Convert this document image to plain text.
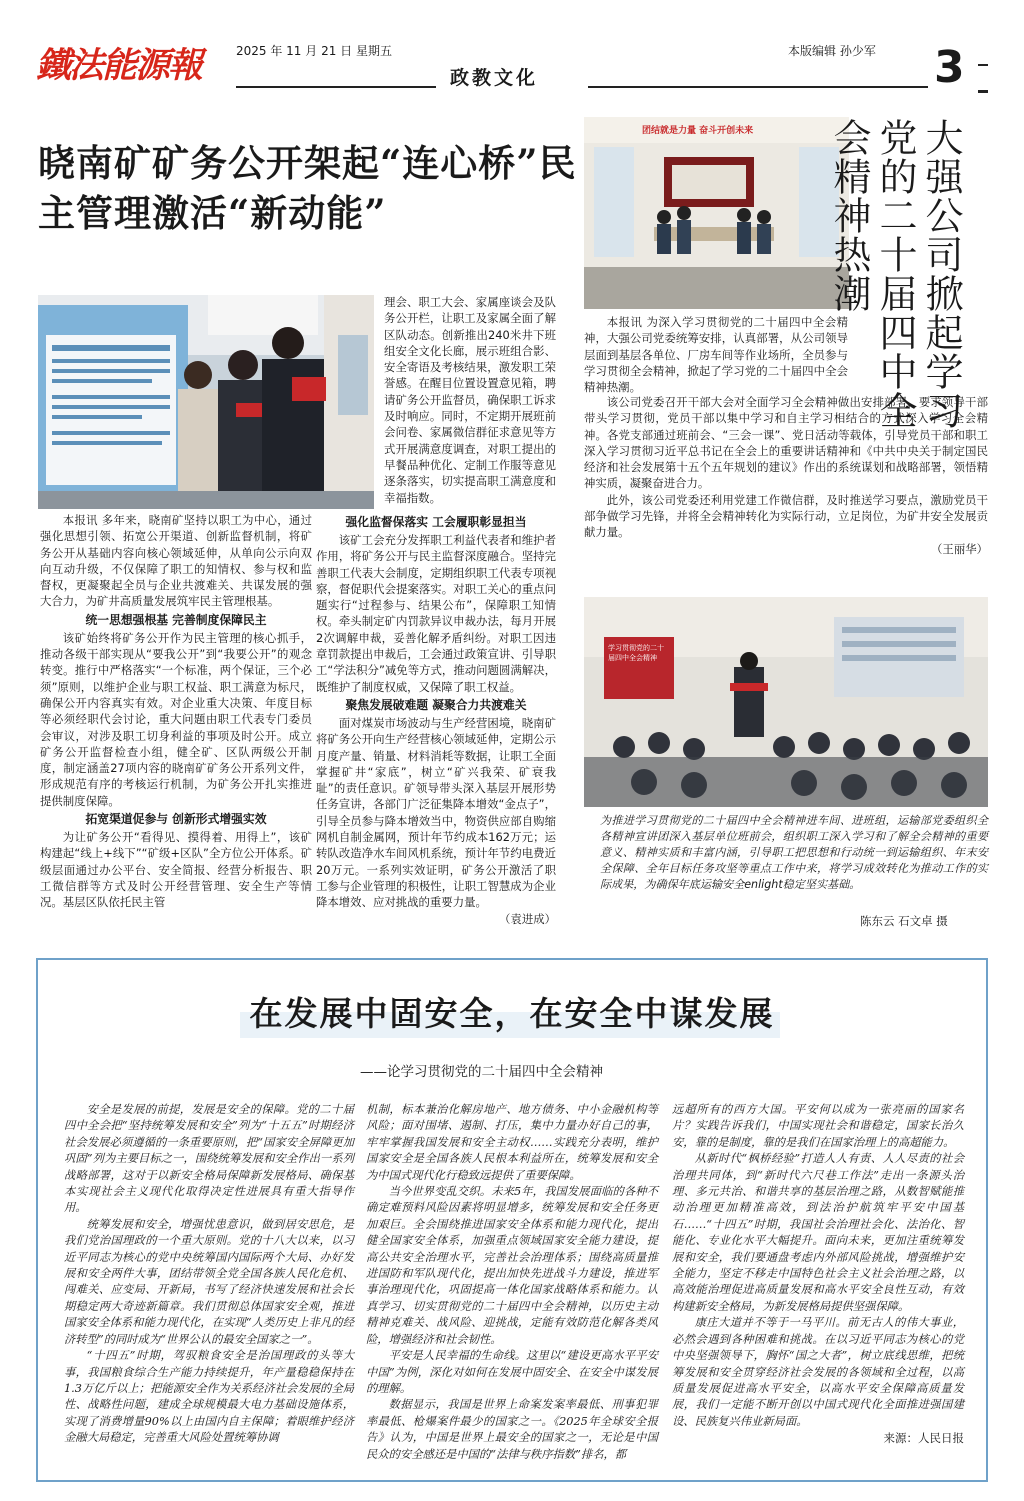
鐵法能源報	2025 年 11 月 21 日 星期五	本版编辑 孙少军 3
政教文化
晓南矿矿务公开架起“连心桥”民主管理激活“新动能”

理会、职工大会、家属座谈会及队务公开栏，让职工及家属全面了解区队动态。创新推出240米井下班组安全文化长廊，展示班组合影、安全寄语及考核结果，激发职工荣誉感。在醒目位置设置意见箱，聘请矿务公开监督员，确保职工诉求及时响应。同时，不定期开展班前会问卷、家属微信群征求意见等方式开展满意度调查，对职工提出的早餐品种优化、定制工作服等意见逐条落实，切实提高职工满意度和幸福指数。

本报讯 多年来，晓南矿坚持以职工为中心，通过强化思想引领、拓宽公开渠道、创新监督机制，将矿务公开从基础内容向核心领域延伸，从单向公示向双向互动升级，不仅保障了职工的知情权、参与权和监督权，更凝聚起全员与企业共渡难关、共谋发展的强大合力，为矿井高质量发展筑牢民主管理根基。

统一思想强根基 完善制度保障民主

该矿始终将矿务公开作为民主管理的核心抓手，推动各级干部实现从“要我公开”到“我要公开”的观念转变。推行中严格落实“一个标准，两个保证，三个必须”原则，以维护企业与职工权益、职工满意为标尺，确保公开内容真实有效。对企业重大决策、年度目标等必须经职代会讨论，重大问题由职工代表专门委员会审议，对涉及职工切身利益的事项及时公开。成立矿务公开监督检查小组，健全矿、区队两级公开制度，制定涵盖27项内容的晓南矿矿务公开系列文件，形成规范有序的考核运行机制，为矿务公开扎实推进提供制度保障。

拓宽渠道促参与 创新形式增强实效

为让矿务公开“看得见、摸得着、用得上”，该矿构建起“线上+线下”“矿级+区队”全方位公开体系。矿级层面通过办公平台、安全简报、经营分析报告、职工微信群等方式及时公开经营管理、安全生产等情况。基层区队依托民主管

强化监督保落实 工会履职彰显担当

该矿工会充分发挥职工利益代表者和维护者作用，将矿务公开与民主监督深度融合。坚持完善职工代表大会制度，定期组织职工代表专项视察，督促职代会提案落实。对职工关心的重点问题实行“过程参与、结果公布”，保障职工知情权。牵头制定矿内罚款异议申裁办法，每月开展2次调解申裁，妥善化解矛盾纠纷。对职工因违章罚款提出申裁后，工会通过政策宣讲、引导职工“学法积分”减免等方式，推动问题圆满解决，既维护了制度权威，又保障了职工权益。

聚焦发展破难题 凝聚合力共渡难关

面对煤炭市场波动与生产经营困境，晓南矿将矿务公开向生产经营核心领域延伸，定期公示月度产量、销量、材料消耗等数据，让职工全面掌握矿井“家底”，树立“矿兴我荣、矿衰我耻”的责任意识。矿领导带头深入基层开展形势任务宣讲，各部门广泛征集降本增效“金点子”，引导全员参与降本增效当中，物资供应部自购缩网机自制金属网，预计年节约成本162万元；运转队改造净水车间风机系统，预计年节约电费近20万元。一系列实效证明，矿务公开激活了职工参与企业管理的积极性，让职工智慧成为企业降本增效、应对挑战的重要力量。

（袁进成）
团结就是力量 奋斗开创未来	大强公司掀起学习党的二十届四中全会精神热潮

本报讯 为深入学习贯彻党的二十届四中全会精神，大强公司党委统筹安排，认真部署，从公司领导层面到基层各单位、厂房车间等作业场所，全员参与学习贯彻全会精神，掀起了学习党的二十届四中全会精神热潮。

该公司党委召开干部大会对全面学习全会精神做出安排部署，要求领导干部带头学习贯彻，党员干部以集中学习和自主学习相结合的方式深入学习全会精神。各党支部通过班前会、“三会一课”、党日活动等载体，引导党员干部和职工深入学习贯彻习近平总书记在全会上的重要讲话精神和《中共中央关于制定国民经济和社会发展第十五个五年规划的建议》作出的系统谋划和战略部署，领悟精神实质，凝聚奋进合力。

此外，该公司党委还利用党建工作微信群，及时推送学习要点，激励党员干部争做学习先锋，并将全会精神转化为实际行动，立足岗位，为矿井安全发展贡献力量。

（王丽华）
学习贯彻党的二十届四中全会精神
为推进学习贯彻党的二十届四中全会精神进车间、进班组，运输部党委组织全各精神宣讲团深入基层单位班前会，组织职工深入学习和了解全会精神的重要意义、精神实质和丰富内涵，引导职工把思想和行动统一到运输组织、年末安全保障、全年目标任务攻坚等重点工作中来，将学习成效转化为推动工作的实际成果，为确保年底运输安全enlight稳定坚实基础。
陈东云 石文卓 摄
在发展中固安全，在安全中谋发展
——论学习贯彻党的二十届四中全会精神

安全是发展的前提，发展是安全的保障。党的二十届四中全会把“坚持统筹发展和安全”列为“十五五”时期经济社会发展必须遵循的一条重要原则，把“国家安全屏障更加巩固”列为主要目标之一，围绕统筹发展和安全作出一系列战略部署，这对于以新安全格局保障新发展格局、确保基本实现社会主义现代化取得决定性进展具有重大指导作用。

统筹发展和安全，增强忧患意识，做到居安思危，是我们党治国理政的一个重大原则。党的十八大以来，以习近平同志为核心的党中央统筹国内国际两个大局、办好发展和安全两件大事，团结带领全党全国各族人民化危机、闯难关、应变局、开新局，书写了经济快速发展和社会长期稳定两大奇迹新篇章。我们贯彻总体国家安全观，推进国家安全体系和能力现代化，在实现“人类历史上非凡的经济转型”的同时成为“世界公认的最安全国家之一”。

“十四五”时期，驾驭粮食安全是治国理政的头等大事，我国粮食综合生产能力持续提升，年产量稳稳保持在1.3万亿斤以上；把能源安全作为关系经济社会发展的全局性、战略性问题，建成全球规模最大电力基础设施体系，实现了消费增量90%以上由国内自主保障；着眼维护经济金融大局稳定，完善重大风险处置统筹协调

机制，标本兼治化解房地产、地方债务、中小金融机构等风险；面对围堵、遏制、打压，集中力量办好自己的事，牢牢掌握我国发展和安全主动权……实践充分表明，维护国家安全是全国各族人民根本利益所在，统筹发展和安全为中国式现代化行稳致远提供了重要保障。

当今世界变乱交织。未来5年，我国发展面临的各种不确定难预料风险因素将明显增多，统筹发展和安全任务更加艰巨。全会围绕推进国家安全体系和能力现代化，提出健全国家安全体系，加强重点领域国家安全能力建设，提高公共安全治理水平，完善社会治理体系；围绕高质量推进国防和军队现代化，提出加快先进战斗力建设，推进军事治理现代化，巩固提高一体化国家战略体系和能力。认真学习、切实贯彻党的二十届四中全会精神，以历史主动精神克难关、战风险、迎挑战，定能有效防范化解各类风险，增强经济和社会韧性。

平安是人民幸福的生命线。这里以“建设更高水平平安中国”为例，深化对如何在发展中固安全、在安全中谋发展的理解。

数据显示，我国是世界上命案发案率最低、刑事犯罪率最低、枪爆案件最少的国家之一。《2025年全球安全报告》认为，中国是世界上最安全的国家之一，无论是中国民众的安全感还是中国的“法律与秩序指数”排名，都

远超所有的西方大国。平安何以成为一张亮丽的国家名片？实践告诉我们，中国实现社会和谐稳定，国家长治久安，靠的是制度，靠的是我们在国家治理上的高超能力。

从新时代“枫桥经验”打造人人有责、人人尽责的社会治理共同体，到“新时代六尺巷工作法”走出一条源头治理、多元共治、和谐共享的基层治理之路，从数智赋能推动治理更加精准高效，到法治护航筑牢平安中国基石……“十四五”时期，我国社会治理社会化、法治化、智能化、专业化水平大幅提升。面向未来，更加注重统筹发展和安全，我们要通盘考虑内外部风险挑战，增强维护安全能力，坚定不移走中国特色社会主义社会治理之路，以高效能治理促进高质量发展和高水平安全良性互动，有效构建新安全格局，为新发展格局提供坚强保障。

康庄大道并不等于一马平川。前无古人的伟大事业，必然会遇到各种困难和挑战。在以习近平同志为核心的党中央坚强领导下，胸怀“国之大者”，树立底线思维，把统筹发展和安全贯穿经济社会发展的各领域和全过程，以高质量发展促进高水平安全，以高水平安全保障高质量发展，我们一定能不断开创以中国式现代化全面推进强国建设、民族复兴伟业新局面。

来源：人民日报
